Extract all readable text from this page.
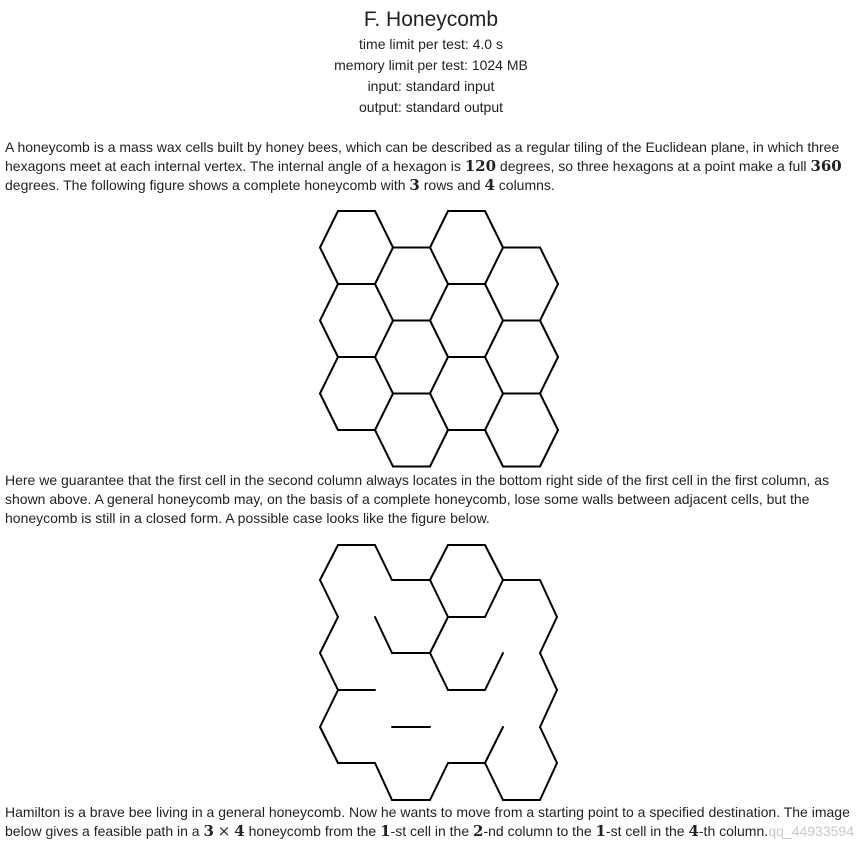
F. Honeycomb
time limit per test: 4.0 s
memory limit per test: 1024 MB
input: standard input
output: standard output

A honeycomb is a mass wax cells built by honey bees, which can be described as a regular tiling of the Euclidean plane, in which three hexagons meet at each internal vertex. The internal angle of a hexagon is 120 degrees, so three hexagons at a point make a full 360 degrees. The following figure shows a complete honeycomb with 3 rows and 4 columns.

Here we guarantee that the first cell in the second column always locates in the bottom right side of the first cell in the first column, as shown above. A general honeycomb may, on the basis of a complete honeycomb, lose some walls between adjacent cells, but the honeycomb is still in a closed form. A possible case looks like the figure below.

Hamilton is a brave bee living in a general honeycomb. Now he wants to move from a starting point to a specified destination. The image below gives a feasible path in a 3 × 4 honeycomb from the 1-st cell in the 2-nd column to the 1-st cell in the 4-th column. qq_44933594
